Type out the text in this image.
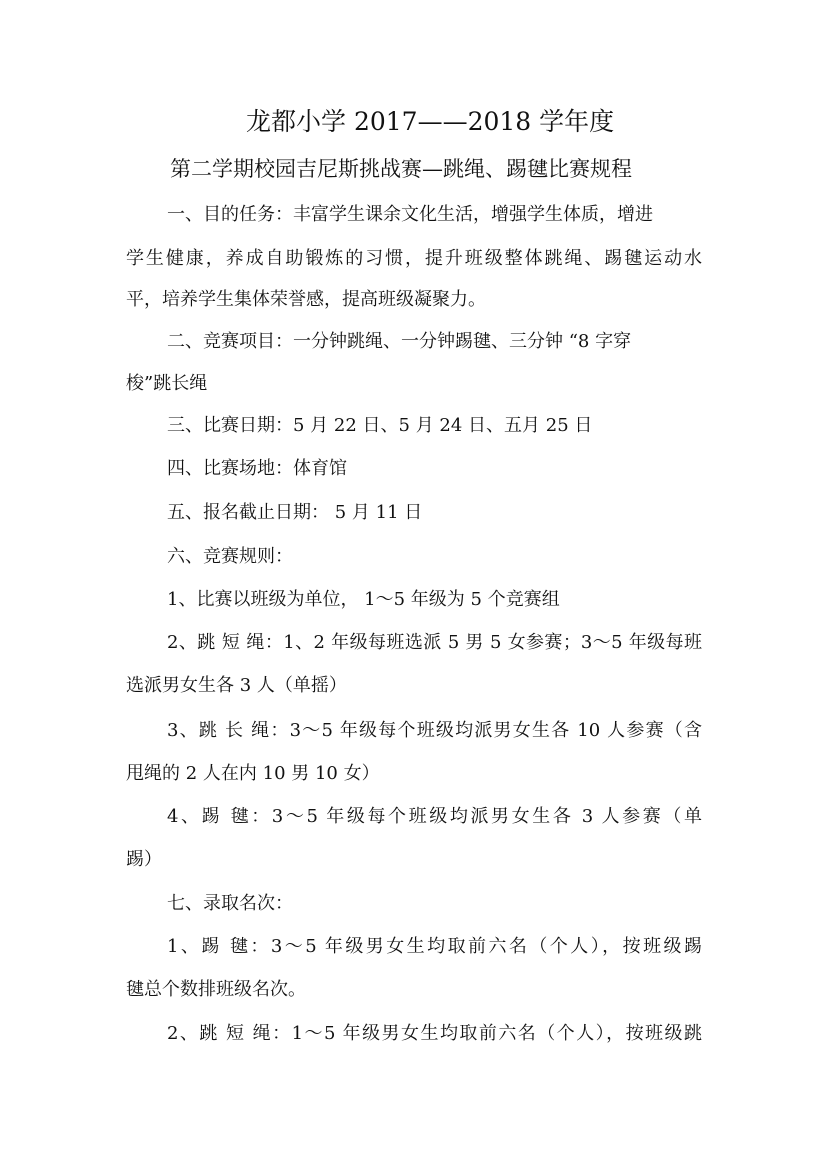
龙都小学 2017——2018 学年度
第二学期校园吉尼斯挑战赛—跳绳、踢毽比赛规程
一、目的任务：丰富学生课余文化生活，增强学生体质，增进
学生健康，养成自助锻炼的习惯，提升班级整体跳绳、踢毽运动水
平，培养学生集体荣誉感，提高班级凝聚力。
二、竞赛项目：一分钟跳绳、一分钟踢毽、三分钟 “8 字穿
梭”跳长绳
三、比赛日期：5 月 22 日、5 月 24 日、五月 25 日
四、比赛场地：体育馆
五、报名截止日期： 5 月 11 日
六、竞赛规则：
1、比赛以班级为单位， 1～5 年级为 5 个竞赛组
2、跳 短 绳：1、2 年级每班选派 5 男 5 女参赛；3～5 年级每班
选派男女生各 3 人（单摇）
3、跳 长 绳：3～5 年级每个班级均派男女生各 10 人参赛（含
甩绳的 2 人在内 10 男 10 女）
4、踢 毽：3～5 年级每个班级均派男女生各 3 人参赛（单
踢）
七、录取名次：
1、踢 毽：3～5 年级男女生均取前六名（个人），按班级踢
毽总个数排班级名次。
2、跳 短 绳：1～5 年级男女生均取前六名（个人），按班级跳
